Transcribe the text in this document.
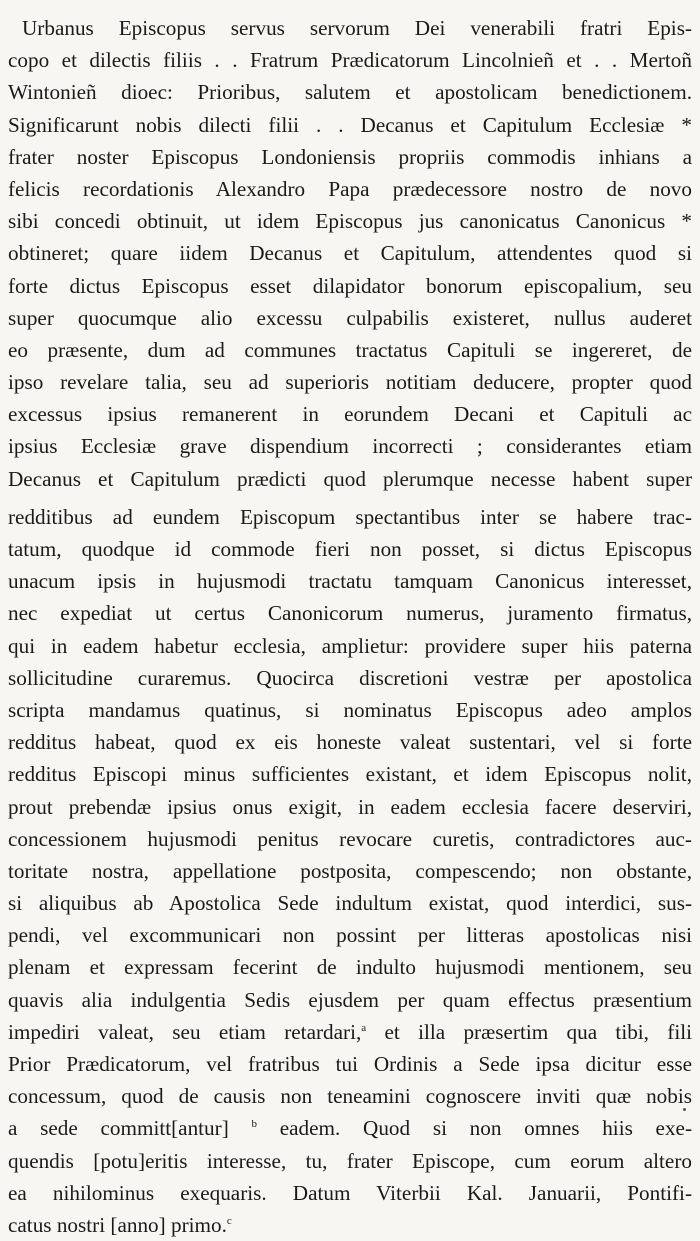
Urbanus Episcopus servus servorum Dei venerabili fratri Epis-
copo et dilectis filiis . . Fratrum Prædicatorum Lincolnieñ et . . Mertoñ
Wintonieñ dioec: Prioribus, salutem et apostolicam benedictionem.
Significarunt nobis dilecti filii . . Decanus et Capitulum Ecclesiæ *
frater noster Episcopus Londoniensis propriis commodis inhians a
felicis recordationis Alexandro Papa prædecessore nostro de novo
sibi concedi obtinuit, ut idem Episcopus jus canonicatus Canonicus *
obtineret; quare iidem Decanus et Capitulum, attendentes quod si
forte dictus Episcopus esset dilapidator bonorum episcopalium, seu
super quocumque alio excessu culpabilis existeret, nullus auderet
eo præsente, dum ad communes tractatus Capituli se ingereret, de
ipso revelare talia, seu ad superioris notitiam deducere, propter quod
excessus ipsius remanerent in eorundem Decani et Capituli ac
ipsius Ecclesiæ grave dispendium incorrecti ; considerantes etiam
Decanus et Capitulum prædicti quod plerumque necesse habent super
redditibus ad eundem Episcopum spectantibus inter se habere trac-
tatum, quodque id commode fieri non posset, si dictus Episcopus
unacum ipsis in hujusmodi tractatu tamquam Canonicus interesset,
nec expediat ut certus Canonicorum numerus, juramento firmatus,
qui in eadem habetur ecclesia, amplietur: providere super hiis paterna
sollicitudine curaremus. Quocirca discretioni vestræ per apostolica
scripta mandamus quatinus, si nominatus Episcopus adeo amplos
redditus habeat, quod ex eis honeste valeat sustentari, vel si forte
redditus Episcopi minus sufficientes existant, et idem Episcopus nolit,
prout prebendæ ipsius onus exigit, in eadem ecclesia facere deserviri,
concessionem hujusmodi penitus revocare curetis, contradictores auc-
toritate nostra, appellatione postposita, compescendo; non obstante,
si aliquibus ab Apostolica Sede indultum existat, quod interdici, sus-
pendi, vel excommunicari non possint per litteras apostolicas nisi
plenam et expressam fecerint de indulto hujusmodi mentionem, seu
quavis alia indulgentia Sedis ejusdem per quam effectus præsentium
impediri valeat, seu etiam retardari,$^a$ et illa præsertim qua tibi, fili
Prior Prædicatorum, vel fratribus tui Ordinis a Sede ipsa dicitur esse
concessum, quod de causis non teneamini cognoscere inviti quæ nobis
a sede committ[antur] $^b$ eadem. Quod si non omnes hiis exe-
quendis [potu]eritis interesse, tu, frater Episcope, cum eorum altero
ea nihilominus exequaris. Datum Viterbii Kal. Januarii, Pontifi-
catus nostri [anno] primo.$^c$
